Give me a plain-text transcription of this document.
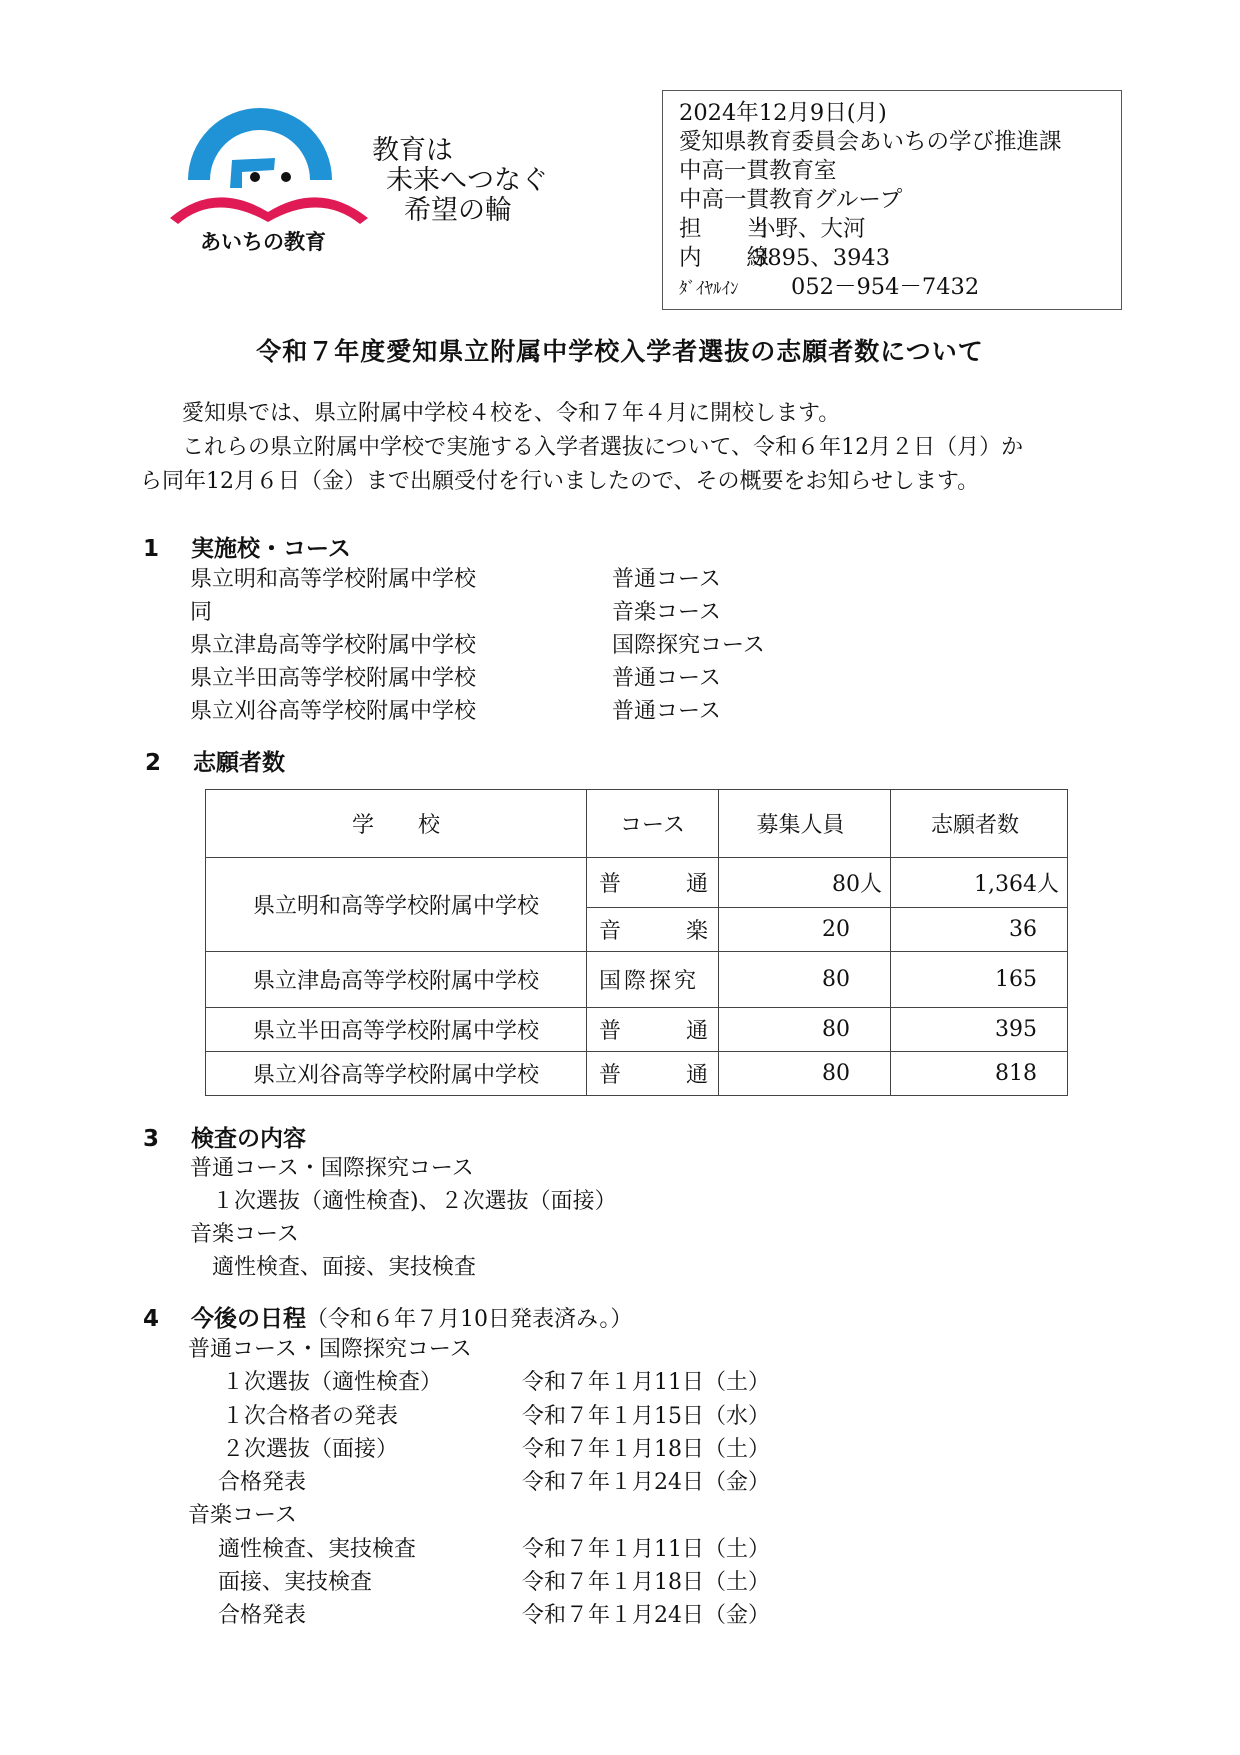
あいちの教育
教育は
未来へつなぐ
希望の輪
2024年12月9日(月)
愛知県教育委員会あいちの学び推進課
中高一貫教育室
中高一貫教育グループ
担　　当小野、大河
内　　線3895、3943
ﾀﾞｲﾔﾙｲﾝ 052－954－7432
令和７年度愛知県立附属中学校入学者選抜の志願者数について
　愛知県では、県立附属中学校４校を、令和７年４月に開校します。
　これらの県立附属中学校で実施する入学者選抜について、令和６年12月２日（月）か
ら同年12月６日（金）まで出願受付を行いましたので、その概要をお知らせします。
1 実施校・コース
県立明和高等学校附属中学校	普通コース
同	音楽コース
県立津島高等学校附属中学校	国際探究コース
県立半田高等学校附属中学校	普通コース
県立刈谷高等学校附属中学校	普通コース
2 志願者数
学　　校	コース	募集人員	志願者数
県立明和高等学校附属中学校	普 通	80人	1,364人

	音 楽	20	36
県立津島高等学校附属中学校	国際探究	80	165
県立半田高等学校附属中学校	普 通	80	395
県立刈谷高等学校附属中学校	普 通	80	818
3 検査の内容
普通コース・国際探究コース
　１次選抜（適性検査)、２次選抜（面接）
音楽コース
　適性検査、面接、実技検査
4 今後の日程（令和６年７月10日発表済み。）
普通コース・国際探究コース
１次選抜（適性検査）	令和７年１月11日（土）
１次合格者の発表	令和７年１月15日（水）
２次選抜（面接）	令和７年１月18日（土）
合格発表	令和７年１月24日（金）
音楽コース
適性検査、実技検査	令和７年１月11日（土）
面接、実技検査	令和７年１月18日（土）
合格発表	令和７年１月24日（金）
